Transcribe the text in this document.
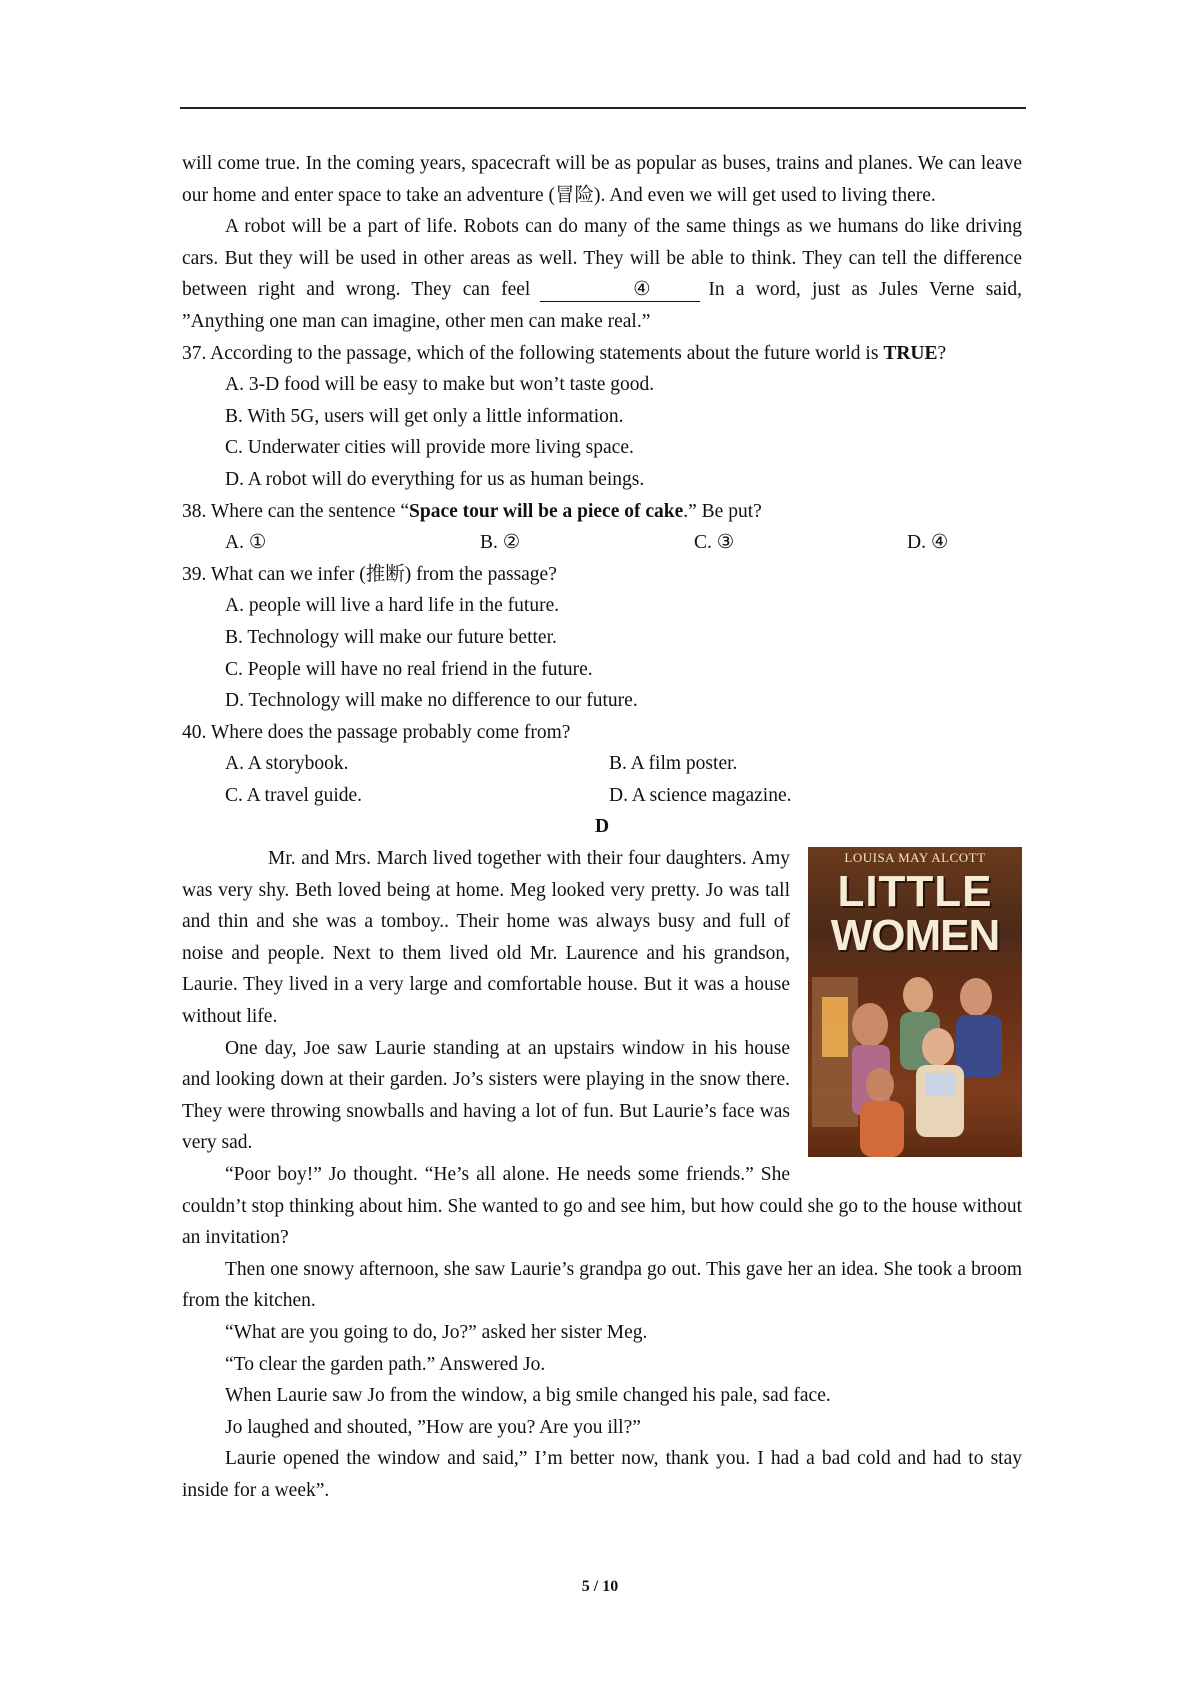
will come true. In the coming years, spacecraft will be as popular as buses, trains and planes. We can leave our home and enter space to take an adventure (冒险). And even we will get used to living there.

A robot will be a part of life. Robots can do many of the same things as we humans do like driving cars. But they will be used in other areas as well. They will be able to think. They can tell the difference between right and wrong. They can feel	④	In a word, just as Jules Verne said, ”Anything one man can imagine, other men can make real.”

37. According to the passage, which of the following statements about the future world is TRUE?

A. 3-D food will be easy to make but won’t taste good.

B. With 5G, users will get only a little information.

C. Underwater cities will provide more living space.

D. A robot will do everything for us as human beings.

38. Where can the sentence “Space tour will be a piece of cake.” Be put?

A. ①	B. ②	C. ③	D. ④

39. What can we infer (推断) from the passage?

A. people will live a hard life in the future.

B. Technology will make our future better.

C. People will have no real friend in the future.

D. Technology will make no difference to our future.

40. Where does the passage probably come from?

A. A storybook.	B. A film poster.
C. A travel guide.	D. A science magazine.

D

LOUISA MAY ALCOTT
LITTLE
WOMEN

Mr. and Mrs. March lived together with their four daughters. Amy was very shy. Beth loved being at home. Meg looked very pretty. Jo was tall and thin and she was a tomboy.. Their home was always busy and full of noise and people. Next to them lived old Mr. Laurence and his grandson, Laurie. They lived in a very large and comfortable house. But it was a house without life.

One day, Joe saw Laurie standing at an upstairs window in his house and looking down at their garden. Jo’s sisters were playing in the snow there. They were throwing snowballs and having a lot of fun. But Laurie’s face was very sad.

“Poor boy!” Jo thought. “He’s all alone. He needs some friends.” She couldn’t stop thinking about him. She wanted to go and see him, but how could she go to the house without an invitation?

Then one snowy afternoon, she saw Laurie’s grandpa go out. This gave her an idea. She took a broom from the kitchen.

“What are you going to do, Jo?” asked her sister Meg.

“To clear the garden path.” Answered Jo.

When Laurie saw Jo from the window, a big smile changed his pale, sad face.

Jo laughed and shouted, ”How are you? Are you ill?”

Laurie opened the window and said,” I’m better now, thank you. I had a bad cold and had to stay inside for a week”.

5 / 10
